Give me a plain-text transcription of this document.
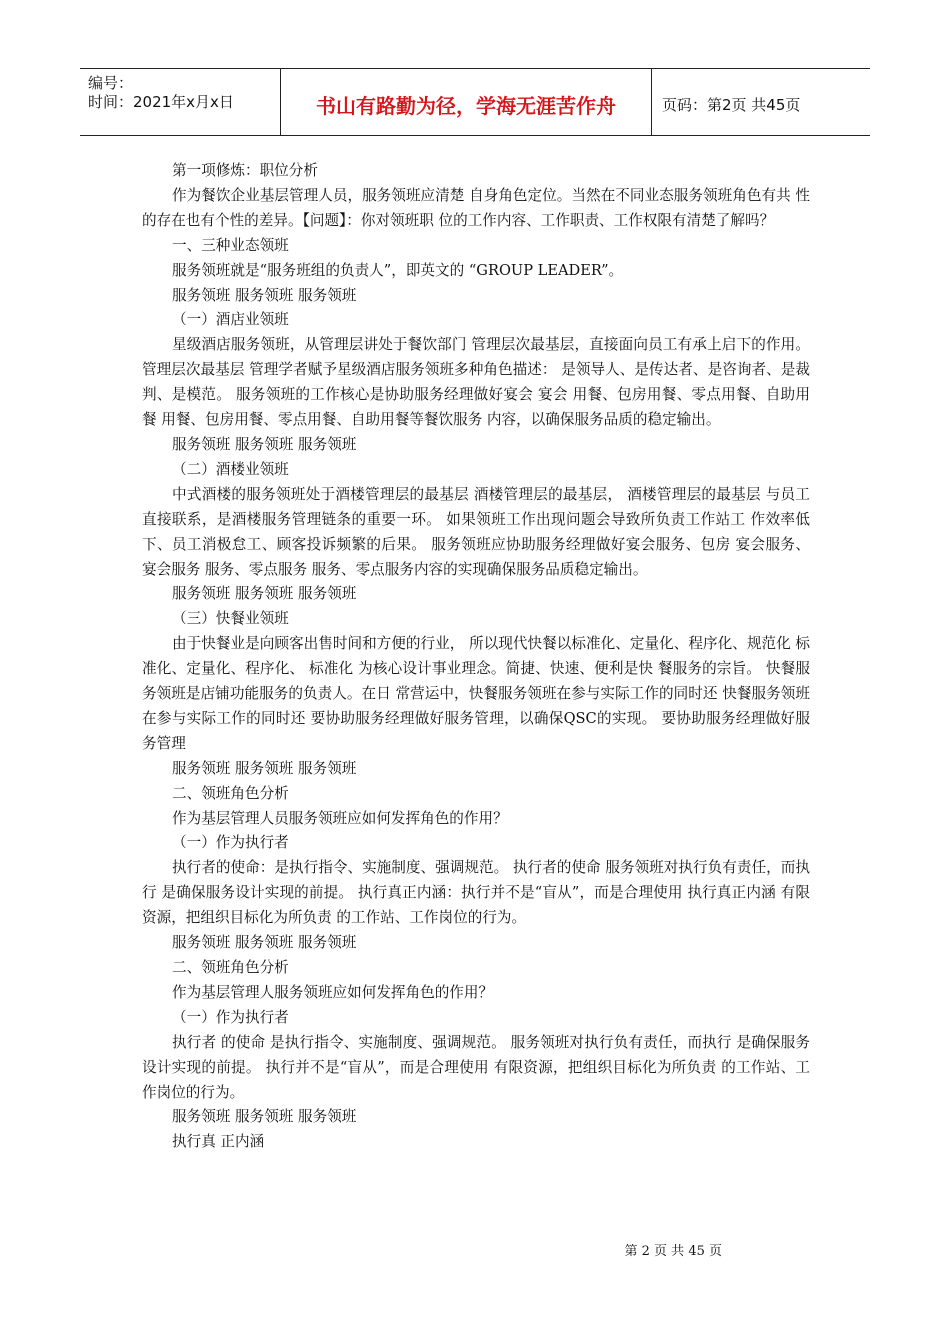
编号：
时间：2021年x月x日	书山有路勤为径，学海无涯苦作舟	页码：第2页 共45页

第一项修炼：职位分析

作为餐饮企业基层管理人员，服务领班应清楚 自身角色定位。当然在不同业态服务领班角色有共 性的存在也有个性的差异。【问题】：你对领班职 位的工作内容、工作职责、工作权限有清楚了解吗？

一、三种业态领班

服务领班就是“服务班组的负责人”，即英文的 “GROUP LEADER”。

服务领班 服务领班 服务领班

（一）酒店业领班

星级酒店服务领班，从管理层讲处于餐饮部门 管理层次最基层，直接面向员工有承上启下的作用。 管理层次最基层 管理学者赋予星级酒店服务领班多种角色描述： 是领导人、是传达者、是咨询者、是裁判、是模范。 服务领班的工作核心是协助服务经理做好宴会 宴会 用餐、包房用餐、零点用餐、自助用餐 用餐、包房用餐、零点用餐、自助用餐等餐饮服务 内容，以确保服务品质的稳定输出。

服务领班 服务领班 服务领班

（二）酒楼业领班

中式酒楼的服务领班处于酒楼管理层的最基层 酒楼管理层的最基层， 酒楼管理层的最基层 与员工直接联系，是酒楼服务管理链条的重要一环。 如果领班工作出现问题会导致所负责工作站工 作效率低下、员工消极怠工、顾客投诉频繁的后果。 服务领班应协助服务经理做好宴会服务、包房 宴会服务、 宴会服务 服务、零点服务 服务、零点服务内容的实现确保服务品质稳定输出。

服务领班 服务领班 服务领班

（三）快餐业领班

由于快餐业是向顾客出售时间和方便的行业， 所以现代快餐以标准化、定量化、程序化、规范化 标准化、定量化、程序化、 标准化 为核心设计事业理念。简捷、快速、便利是快 餐服务的宗旨。 快餐服务领班是店铺功能服务的负责人。在日 常营运中，快餐服务领班在参与实际工作的同时还 快餐服务领班在参与实际工作的同时还 要协助服务经理做好服务管理，以确保QSC的实现。 要协助服务经理做好服务管理

服务领班 服务领班 服务领班

二、领班角色分析

作为基层管理人员服务领班应如何发挥角色的作用？

（一）作为执行者

执行者的使命：是执行指令、实施制度、强调规范。 执行者的使命 服务领班对执行负有责任，而执行 是确保服务设计实现的前提。 执行真正内涵：执行并不是“盲从”，而是合理使用 执行真正内涵 有限资源，把组织目标化为所负责 的工作站、工作岗位的行为。

服务领班 服务领班 服务领班

二、领班角色分析

作为基层管理人服务领班应如何发挥角色的作用？

（一）作为执行者

执行者 的使命 是执行指令、实施制度、强调规范。 服务领班对执行负有责任，而执行 是确保服务设计实现的前提。 执行并不是“盲从”，而是合理使用 有限资源，把组织目标化为所负责 的工作站、工作岗位的行为。

服务领班 服务领班 服务领班

执行真 正内涵

第 2 页 共 45 页
